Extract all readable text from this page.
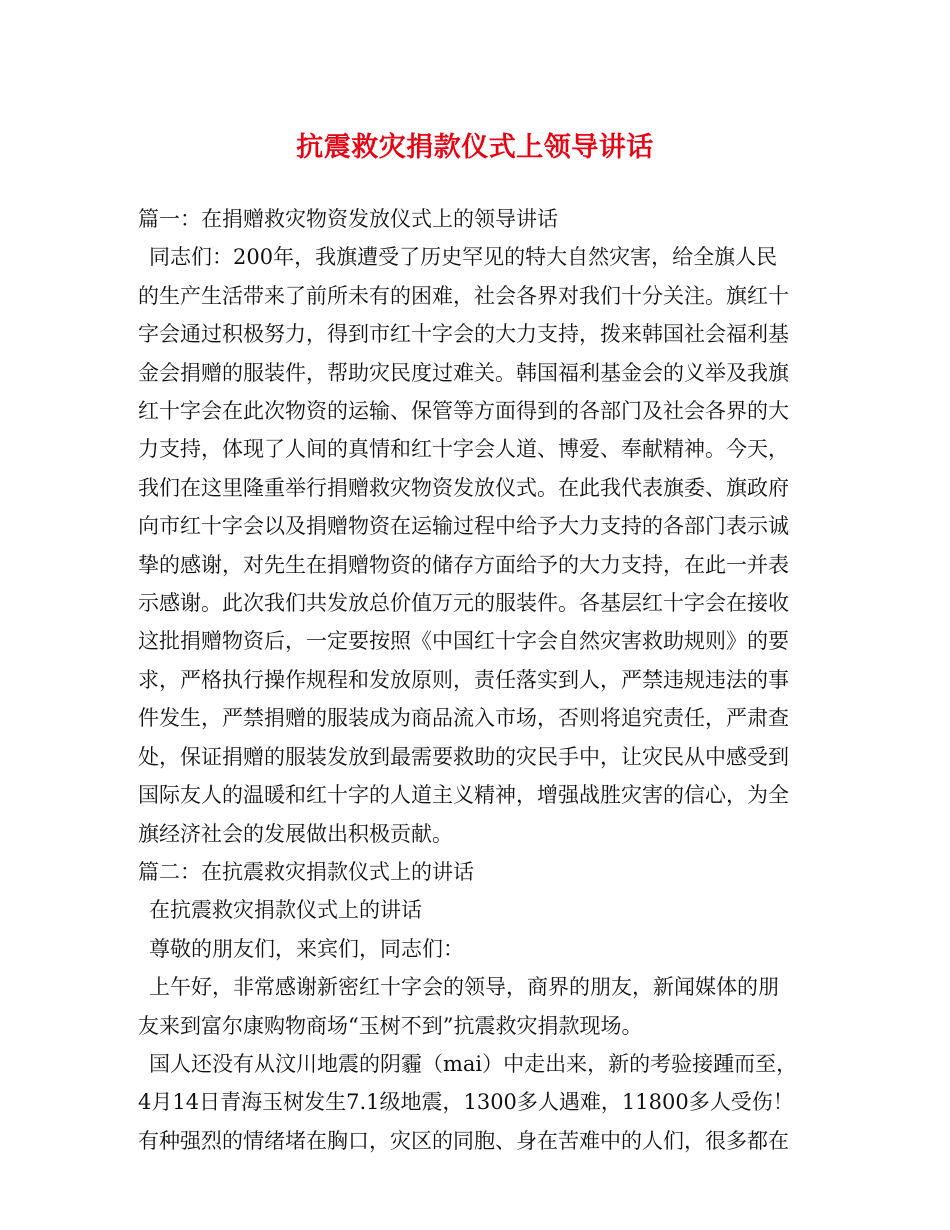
抗震救灾捐款仪式上领导讲话
篇一：在捐赠救灾物资发放仪式上的领导讲话
同志们：200年，我旗遭受了历史罕见的特大自然灾害，给全旗人民
的生产生活带来了前所未有的困难，社会各界对我们十分关注。旗红十
字会通过积极努力，得到市红十字会的大力支持，拨来韩国社会福利基
金会捐赠的服装件，帮助灾民度过难关。韩国福利基金会的义举及我旗
红十字会在此次物资的运输、保管等方面得到的各部门及社会各界的大
力支持，体现了人间的真情和红十字会人道、博爱、奉献精神。今天，
我们在这里隆重举行捐赠救灾物资发放仪式。在此我代表旗委、旗政府
向市红十字会以及捐赠物资在运输过程中给予大力支持的各部门表示诚
挚的感谢，对先生在捐赠物资的储存方面给予的大力支持，在此一并表
示感谢。此次我们共发放总价值万元的服装件。各基层红十字会在接收
这批捐赠物资后，一定要按照《中国红十字会自然灾害救助规则》的要
求，严格执行操作规程和发放原则，责任落实到人，严禁违规违法的事
件发生，严禁捐赠的服装成为商品流入市场，否则将追究责任，严肃查
处，保证捐赠的服装发放到最需要救助的灾民手中，让灾民从中感受到
国际友人的温暖和红十字的人道主义精神，增强战胜灾害的信心，为全
旗经济社会的发展做出积极贡献。
篇二：在抗震救灾捐款仪式上的讲话
在抗震救灾捐款仪式上的讲话
尊敬的朋友们，来宾们，同志们：
上午好，非常感谢新密红十字会的领导，商界的朋友，新闻媒体的朋
友来到富尔康购物商场“玉树不到”抗震救灾捐款现场。
国人还没有从汶川地震的阴霾（mai）中走出来，新的考验接踵而至，
4月14日青海玉树发生7.1级地震，1300多人遇难，11800多人受伤！
有种强烈的情绪堵在胸口，灾区的同胞、身在苦难中的人们，很多都在
